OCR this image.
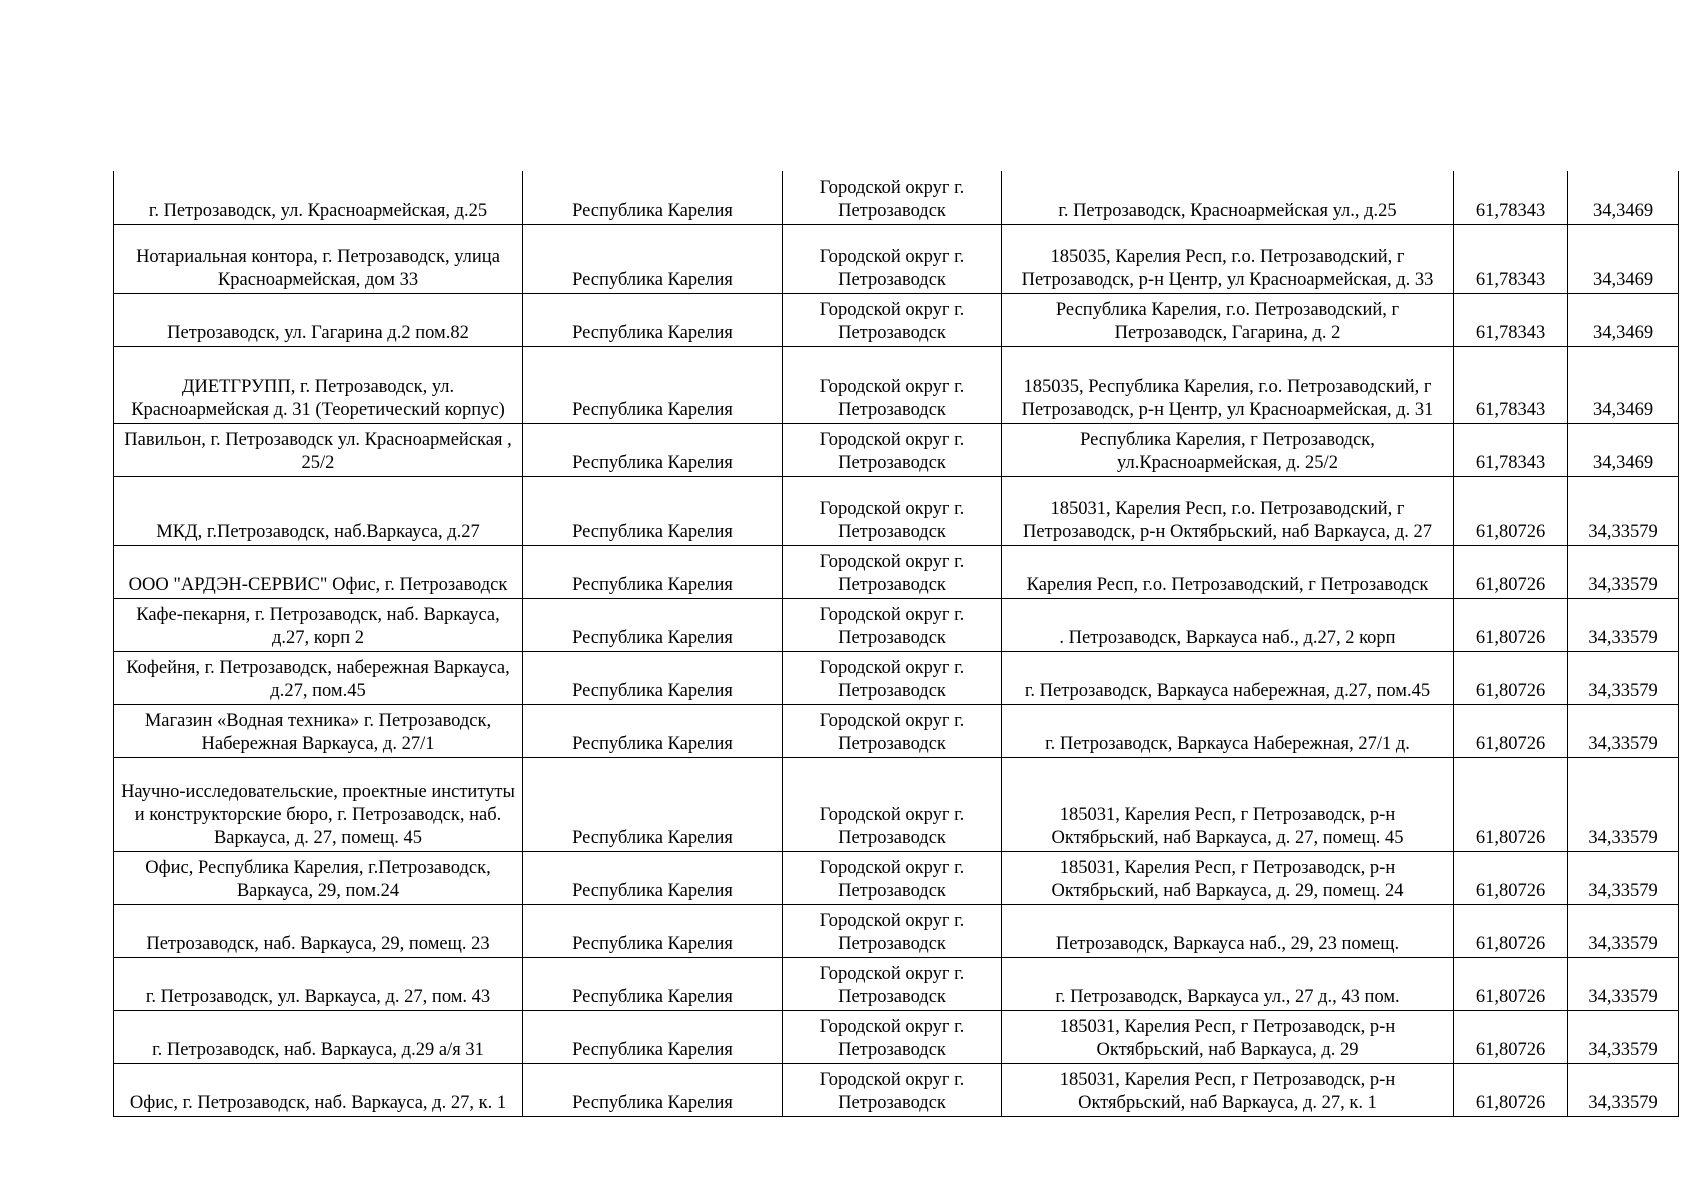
г. Петрозаводск, ул. Красноармейская, д.25	Республика Карелия	Городской округ г. Петрозаводск	г. Петрозаводск, Красноармейская ул., д.25	61,78343	34,3469
Нотариальная контора, г. Петрозаводск, улица Красноармейская, дом 33	Республика Карелия	Городской округ г. Петрозаводск	185035, Карелия Респ, г.о. Петрозаводский, г Петрозаводск, р-н Центр, ул Красноармейская, д. 33	61,78343	34,3469
Петрозаводск, ул. Гагарина д.2 пом.82	Республика Карелия	Городской округ г. Петрозаводск	Республика Карелия, г.о. Петрозаводский, г Петрозаводск, Гагарина, д. 2	61,78343	34,3469
ДИЕТГРУПП, г. Петрозаводск, ул. Красноармейская д. 31 (Теоретический корпус)	Республика Карелия	Городской округ г. Петрозаводск	185035, Республика Карелия, г.о. Петрозаводский, г Петрозаводск, р-н Центр, ул Красноармейская, д. 31	61,78343	34,3469
Павильон, г. Петрозаводск ул. Красноармейская , 25/2	Республика Карелия	Городской округ г. Петрозаводск	Республика Карелия, г Петрозаводск, ул.Красноармейская, д. 25/2	61,78343	34,3469
МКД, г.Петрозаводск, наб.Варкауса, д.27	Республика Карелия	Городской округ г. Петрозаводск	185031, Карелия Респ, г.о. Петрозаводский, г Петрозаводск, р-н Октябрьский, наб Варкауса, д. 27	61,80726	34,33579
ООО "АРДЭН-СЕРВИС" Офис, г. Петрозаводск	Республика Карелия	Городской округ г. Петрозаводск	Карелия Респ, г.о. Петрозаводский, г Петрозаводск	61,80726	34,33579
Кафе-пекарня, г. Петрозаводск, наб. Варкауса, д.27, корп 2	Республика Карелия	Городской округ г. Петрозаводск	. Петрозаводск, Варкауса наб., д.27, 2 корп	61,80726	34,33579
Кофейня, г. Петрозаводск, набережная Варкауса, д.27, пом.45	Республика Карелия	Городской округ г. Петрозаводск	г. Петрозаводск, Варкауса набережная, д.27, пом.45	61,80726	34,33579
Магазин «Водная техника» г. Петрозаводск, Набережная Варкауса, д. 27/1	Республика Карелия	Городской округ г. Петрозаводск	г. Петрозаводск, Варкауса Набережная, 27/1 д.	61,80726	34,33579
Научно-исследовательские, проектные институты и конструкторские бюро, г. Петрозаводск, наб. Варкауса, д. 27, помещ. 45	Республика Карелия	Городской округ г. Петрозаводск	185031, Карелия Респ, г Петрозаводск, р-н Октябрьский, наб Варкауса, д. 27, помещ. 45	61,80726	34,33579
Офис, Республика Карелия, г.Петрозаводск, Варкауса, 29, пом.24	Республика Карелия	Городской округ г. Петрозаводск	185031, Карелия Респ, г Петрозаводск, р-н Октябрьский, наб Варкауса, д. 29, помещ. 24	61,80726	34,33579
Петрозаводск, наб. Варкауса, 29, помещ. 23	Республика Карелия	Городской округ г. Петрозаводск	Петрозаводск, Варкауса наб., 29, 23 помещ.	61,80726	34,33579
г. Петрозаводск, ул. Варкауса, д. 27, пом. 43	Республика Карелия	Городской округ г. Петрозаводск	г. Петрозаводск, Варкауса ул., 27 д., 43 пом.	61,80726	34,33579
г. Петрозаводск, наб. Варкауса, д.29 а/я 31	Республика Карелия	Городской округ г. Петрозаводск	185031, Карелия Респ, г Петрозаводск, р-н Октябрьский, наб Варкауса, д. 29	61,80726	34,33579
Офис, г. Петрозаводск, наб. Варкауса, д. 27, к. 1	Республика Карелия	Городской округ г. Петрозаводск	185031, Карелия Респ, г Петрозаводск, р-н Октябрьский, наб Варкауса, д. 27, к. 1	61,80726	34,33579
